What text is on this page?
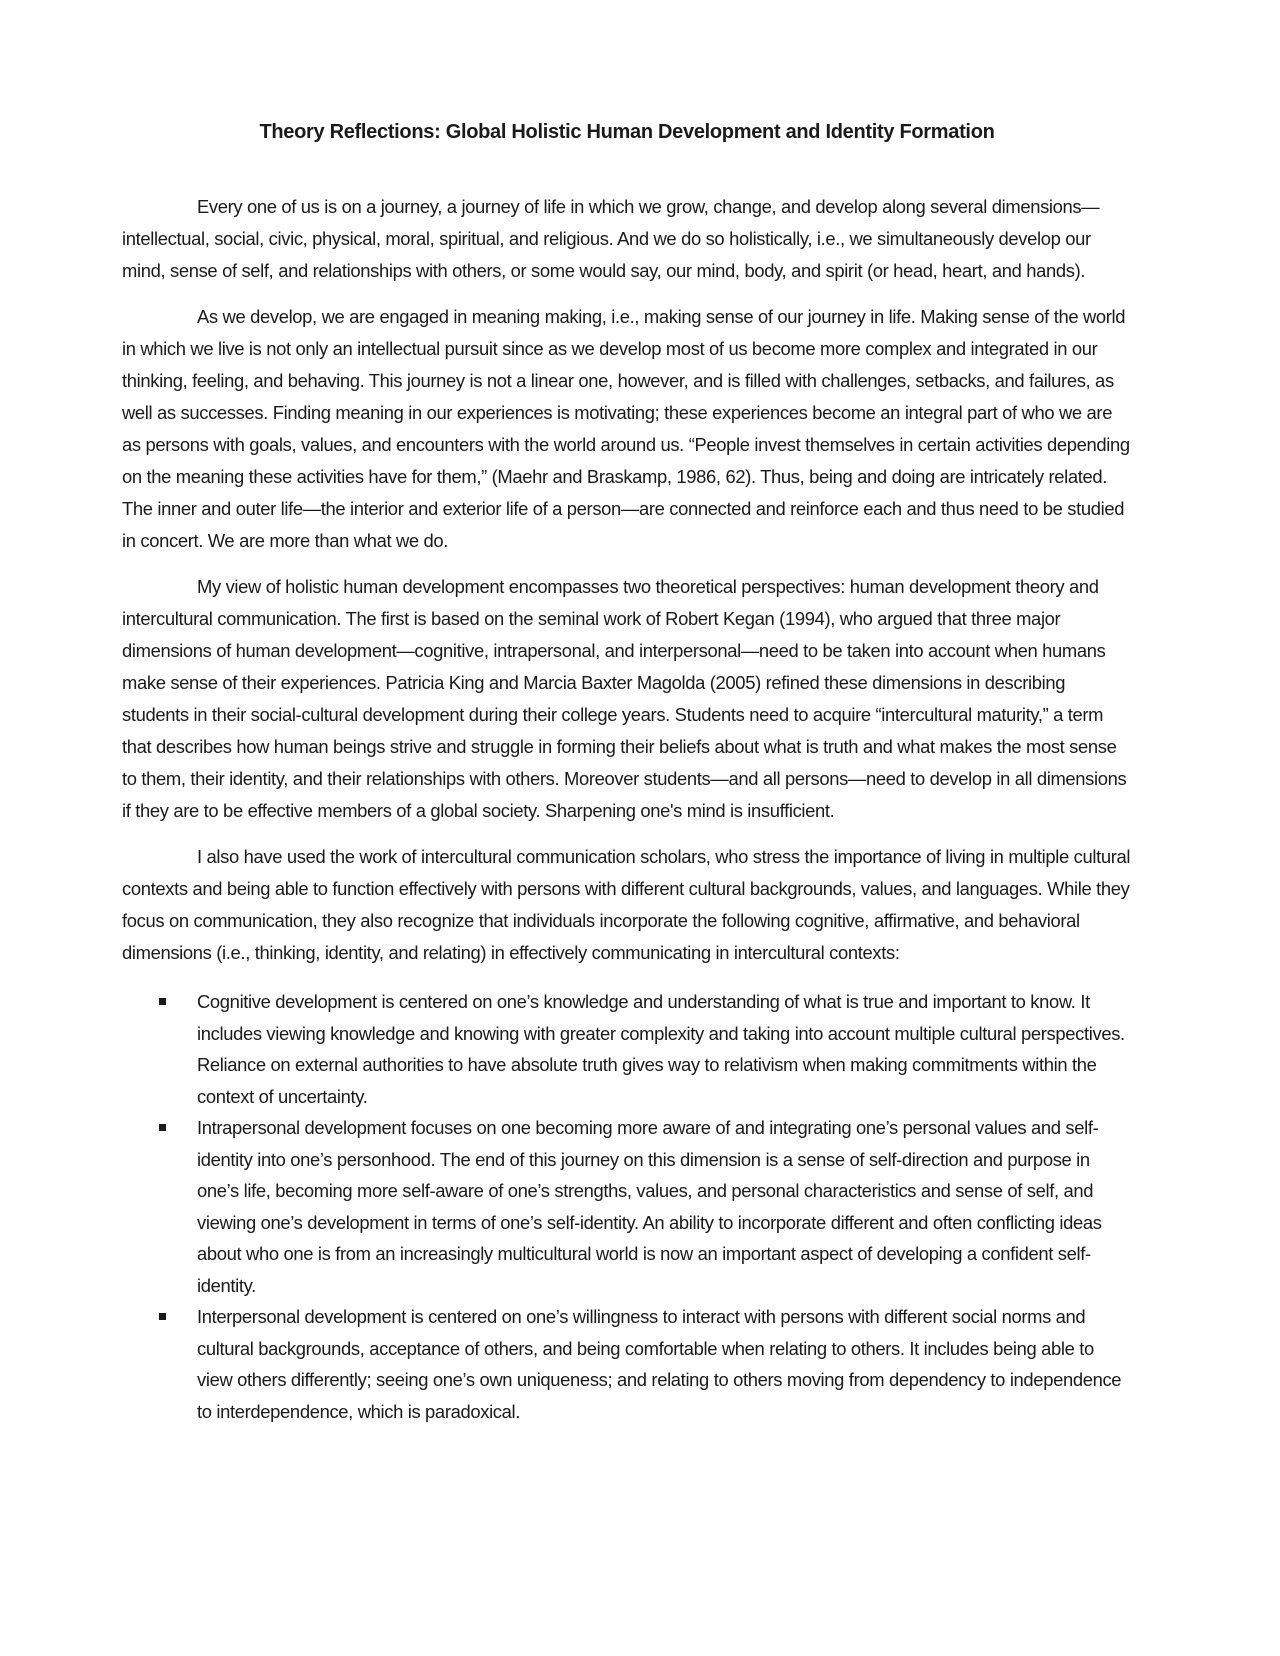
Theory Reflections: Global Holistic Human Development and Identity Formation

Every one of us is on a journey, a journey of life in which we grow, change, and develop along several dimensions—intellectual, social, civic, physical, moral, spiritual, and religious. And we do so holistically, i.e., we simultaneously develop our mind, sense of self, and relationships with others, or some would say, our mind, body, and spirit (or head, heart, and hands).

As we develop, we are engaged in meaning making, i.e., making sense of our journey in life. Making sense of the world in which we live is not only an intellectual pursuit since as we develop most of us become more complex and integrated in our thinking, feeling, and behaving. This journey is not a linear one, however, and is filled with challenges, setbacks, and failures, as well as successes. Finding meaning in our experiences is motivating; these experiences become an integral part of who we are as persons with goals, values, and encounters with the world around us. “People invest themselves in certain activities depending on the meaning these activities have for them,” (Maehr and Braskamp, 1986, 62). Thus, being and doing are intricately related. The inner and outer life—the interior and exterior life of a person—are connected and reinforce each and thus need to be studied in concert. We are more than what we do.

My view of holistic human development encompasses two theoretical perspectives: human development theory and intercultural communication. The first is based on the seminal work of Robert Kegan (1994), who argued that three major dimensions of human development—cognitive, intrapersonal, and interpersonal—need to be taken into account when humans make sense of their experiences. Patricia King and Marcia Baxter Magolda (2005) refined these dimensions in describing students in their social-cultural development during their college years. Students need to acquire “intercultural maturity,” a term that describes how human beings strive and struggle in forming their beliefs about what is truth and what makes the most sense to them, their identity, and their relationships with others. Moreover students—and all persons—need to develop in all dimensions if they are to be effective members of a global society. Sharpening one's mind is insufficient.

I also have used the work of intercultural communication scholars, who stress the importance of living in multiple cultural contexts and being able to function effectively with persons with different cultural backgrounds, values, and languages. While they focus on communication, they also recognize that individuals incorporate the following cognitive, affirmative, and behavioral dimensions (i.e., thinking, identity, and relating) in effectively communicating in intercultural contexts:

Cognitive development is centered on one’s knowledge and understanding of what is true and important to know. It includes viewing knowledge and knowing with greater complexity and taking into account multiple cultural perspectives. Reliance on external authorities to have absolute truth gives way to relativism when making commitments within the context of uncertainty.
Intrapersonal development focuses on one becoming more aware of and integrating one’s personal values and self-identity into one’s personhood. The end of this journey on this dimension is a sense of self-direction and purpose in one’s life, becoming more self-aware of one’s strengths, values, and personal characteristics and sense of self, and viewing one’s development in terms of one’s self-identity. An ability to incorporate different and often conflicting ideas about who one is from an increasingly multicultural world is now an important aspect of developing a confident self-identity.
Interpersonal development is centered on one’s willingness to interact with persons with different social norms and cultural backgrounds, acceptance of others, and being comfortable when relating to others. It includes being able to view others differently; seeing one’s own uniqueness; and relating to others moving from dependency to independence to interdependence, which is paradoxical.
